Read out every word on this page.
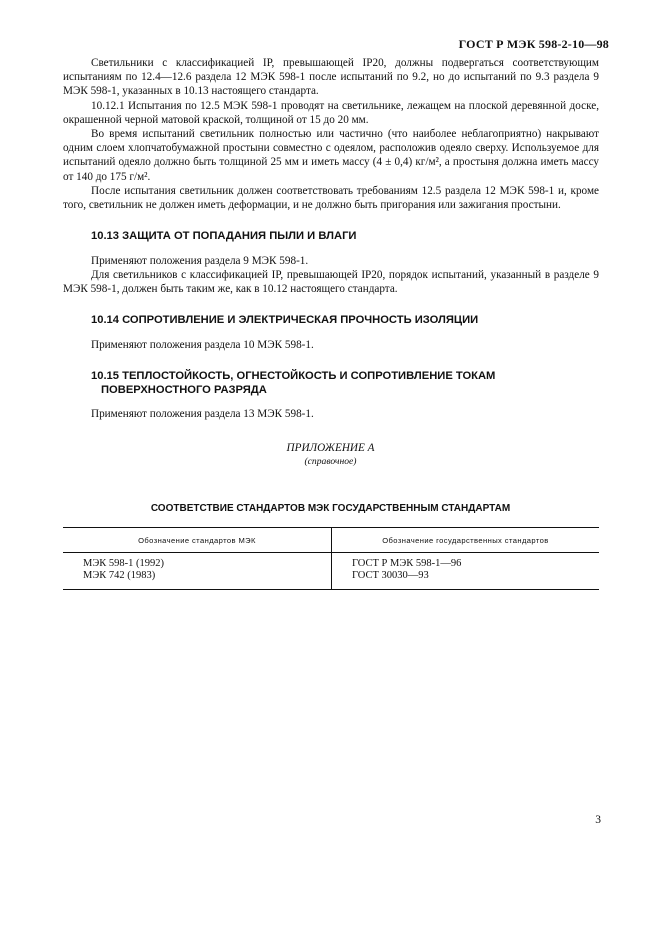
ГОСТ Р МЭК 598-2-10—98

Светильники с классификацией IP, превышающей IP20, должны подвергаться соответствующим испытаниям по 12.4—12.6 раздела 12 МЭК 598-1 после испытаний по 9.2, но до испытаний по 9.3 раздела 9 МЭК 598-1, указанных в 10.13 настоящего стандарта.

10.12.1 Испытания по 12.5 МЭК 598-1 проводят на светильнике, лежащем на плоской деревянной доске, окрашенной черной матовой краской, толщиной от 15 до 20 мм.

Во время испытаний светильник полностью или частично (что наиболее неблагоприятно) накрывают одним слоем хлопчатобумажной простыни совместно с одеялом, расположив одеяло сверху. Используемое для испытаний одеяло должно быть толщиной 25 мм и иметь массу (4 ± 0,4) кг/м², а простыня должна иметь массу от 140 до 175 г/м².

После испытания светильник должен соответствовать требованиям 12.5 раздела 12 МЭК 598-1 и, кроме того, светильник не должен иметь деформации, и не должно быть пригорания или зажигания простыни.

10.13 ЗАЩИТА ОТ ПОПАДАНИЯ ПЫЛИ И ВЛАГИ

Применяют положения раздела 9 МЭК 598-1.

Для светильников с классификацией IP, превышающей IP20, порядок испытаний, указанный в разделе 9 МЭК 598-1, должен быть таким же, как в 10.12 настоящего стандарта.

10.14 СОПРОТИВЛЕНИЕ И ЭЛЕКТРИЧЕСКАЯ ПРОЧНОСТЬ ИЗОЛЯЦИИ

Применяют положения раздела 10 МЭК 598-1.

10.15 ТЕПЛОСТОЙКОСТЬ, ОГНЕСТОЙКОСТЬ И СОПРОТИВЛЕНИЕ ТОКАМ
ПОВЕРХНОСТНОГО РАЗРЯДА

Применяют положения раздела 13 МЭК 598-1.

ПРИЛОЖЕНИЕ А
(справочное)
СООТВЕТСТВИЕ СТАНДАРТОВ МЭК ГОСУДАРСТВЕННЫМ СТАНДАРТАМ
Обозначение стандартов МЭК	Обозначение государственных стандартов
МЭК 598-1 (1992)
МЭК 742 (1983)
ГОСТ Р МЭК 598-1—96
ГОСТ 30030—93
3
